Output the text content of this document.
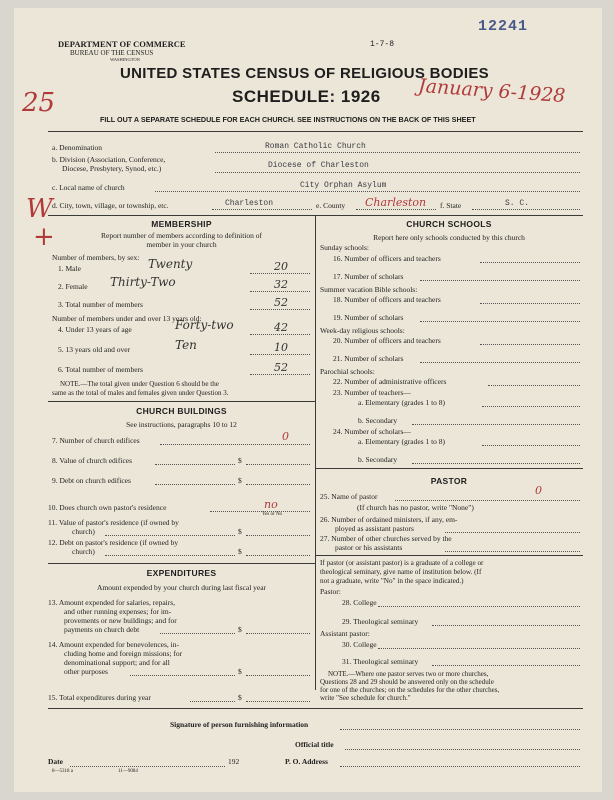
12241
DEPARTMENT OF COMMERCE
BUREAU OF THE CENSUS
WASHINGTON
1-7-8
UNITED STATES CENSUS OF RELIGIOUS BODIES
SCHEDULE: 1926
FILL OUT A SEPARATE SCHEDULE FOR EACH CHURCH. SEE INSTRUCTIONS ON THE BACK OF THIS SHEET
25	January 6-1928
W
+
a. Denomination	Roman Catholic Church
b. Division (Association, Conference,
Diocese, Presbytery, Synod, etc.)	Diocese of Charleston
c. Local name of church	City Orphan Asylum
d. City, town, village, or township, etc.	Charleston	e. County Charleston f. State	S. C.
MEMBERSHIP
Report number of members according to definition of
member in your church
Number of members, by sex:
1. Male	Twenty	20
2. Female Thirty-Two	32
3. Total number of members	52
Number of members under and over 13 years old:
4. Under 13 years of age	Forty-two	42
5. 13 years old and over	Ten	10
6. Total number of members	52
NOTE.—The total given under Question 6 should be the
same as the total of males and females given under Question 3.
CHURCH BUILDINGS
See instructions, paragraphs 10 to 12
7. Number of church edifices	0
8. Value of church edifices	$
9. Debt on church edifices	$
10. Does church own pastor's residence	no
Yes or No
11. Value of pastor's residence (if owned by
church)	$
12. Debt on pastor's residence (if owned by
church)	$
EXPENDITURES
Amount expended by your church during last fiscal year
13. Amount expended for salaries, repairs,
and other running expenses; for im-
provements or new buildings; and for
payments on church debt	$
14. Amount expended for benevolences, in-
cluding home and foreign missions; for
denominational support; and for all
other purposes	$
15. Total expenditures during year	$
CHURCH SCHOOLS
Report here only schools conducted by this church
Sunday schools:
16. Number of officers and teachers
17. Number of scholars
Summer vacation Bible schools:
18. Number of officers and teachers
19. Number of scholars
Week-day religious schools:
20. Number of officers and teachers
21. Number of scholars
Parochial schools:
22. Number of administrative officers
23. Number of teachers—
a. Elementary (grades 1 to 8)
b. Secondary
24. Number of scholars—
a. Elementary (grades 1 to 8)
b. Secondary
PASTOR
25. Name of pastor	0
(If church has no pastor, write "None")
26. Number of ordained ministers, if any, em-
ployed as assistant pastors
27. Number of other churches served by the
pastor or his assistants
If pastor (or assistant pastor) is a graduate of a college or
theological seminary, give name of institution below. (If
not a graduate, write "No" in the space indicated.)
Pastor:
28. College
29. Theological seminary
Assistant pastor:
30. College
31. Theological seminary
NOTE.—Where one pastor serves two or more churches,
Questions 28 and 29 should be answered only on the schedule
for one of the churches; on the schedules for the other churches,
write "See schedule for church."
Signature of person furnishing information
Official title
Date	192	P. O. Address
8—5318 a	11—9084
